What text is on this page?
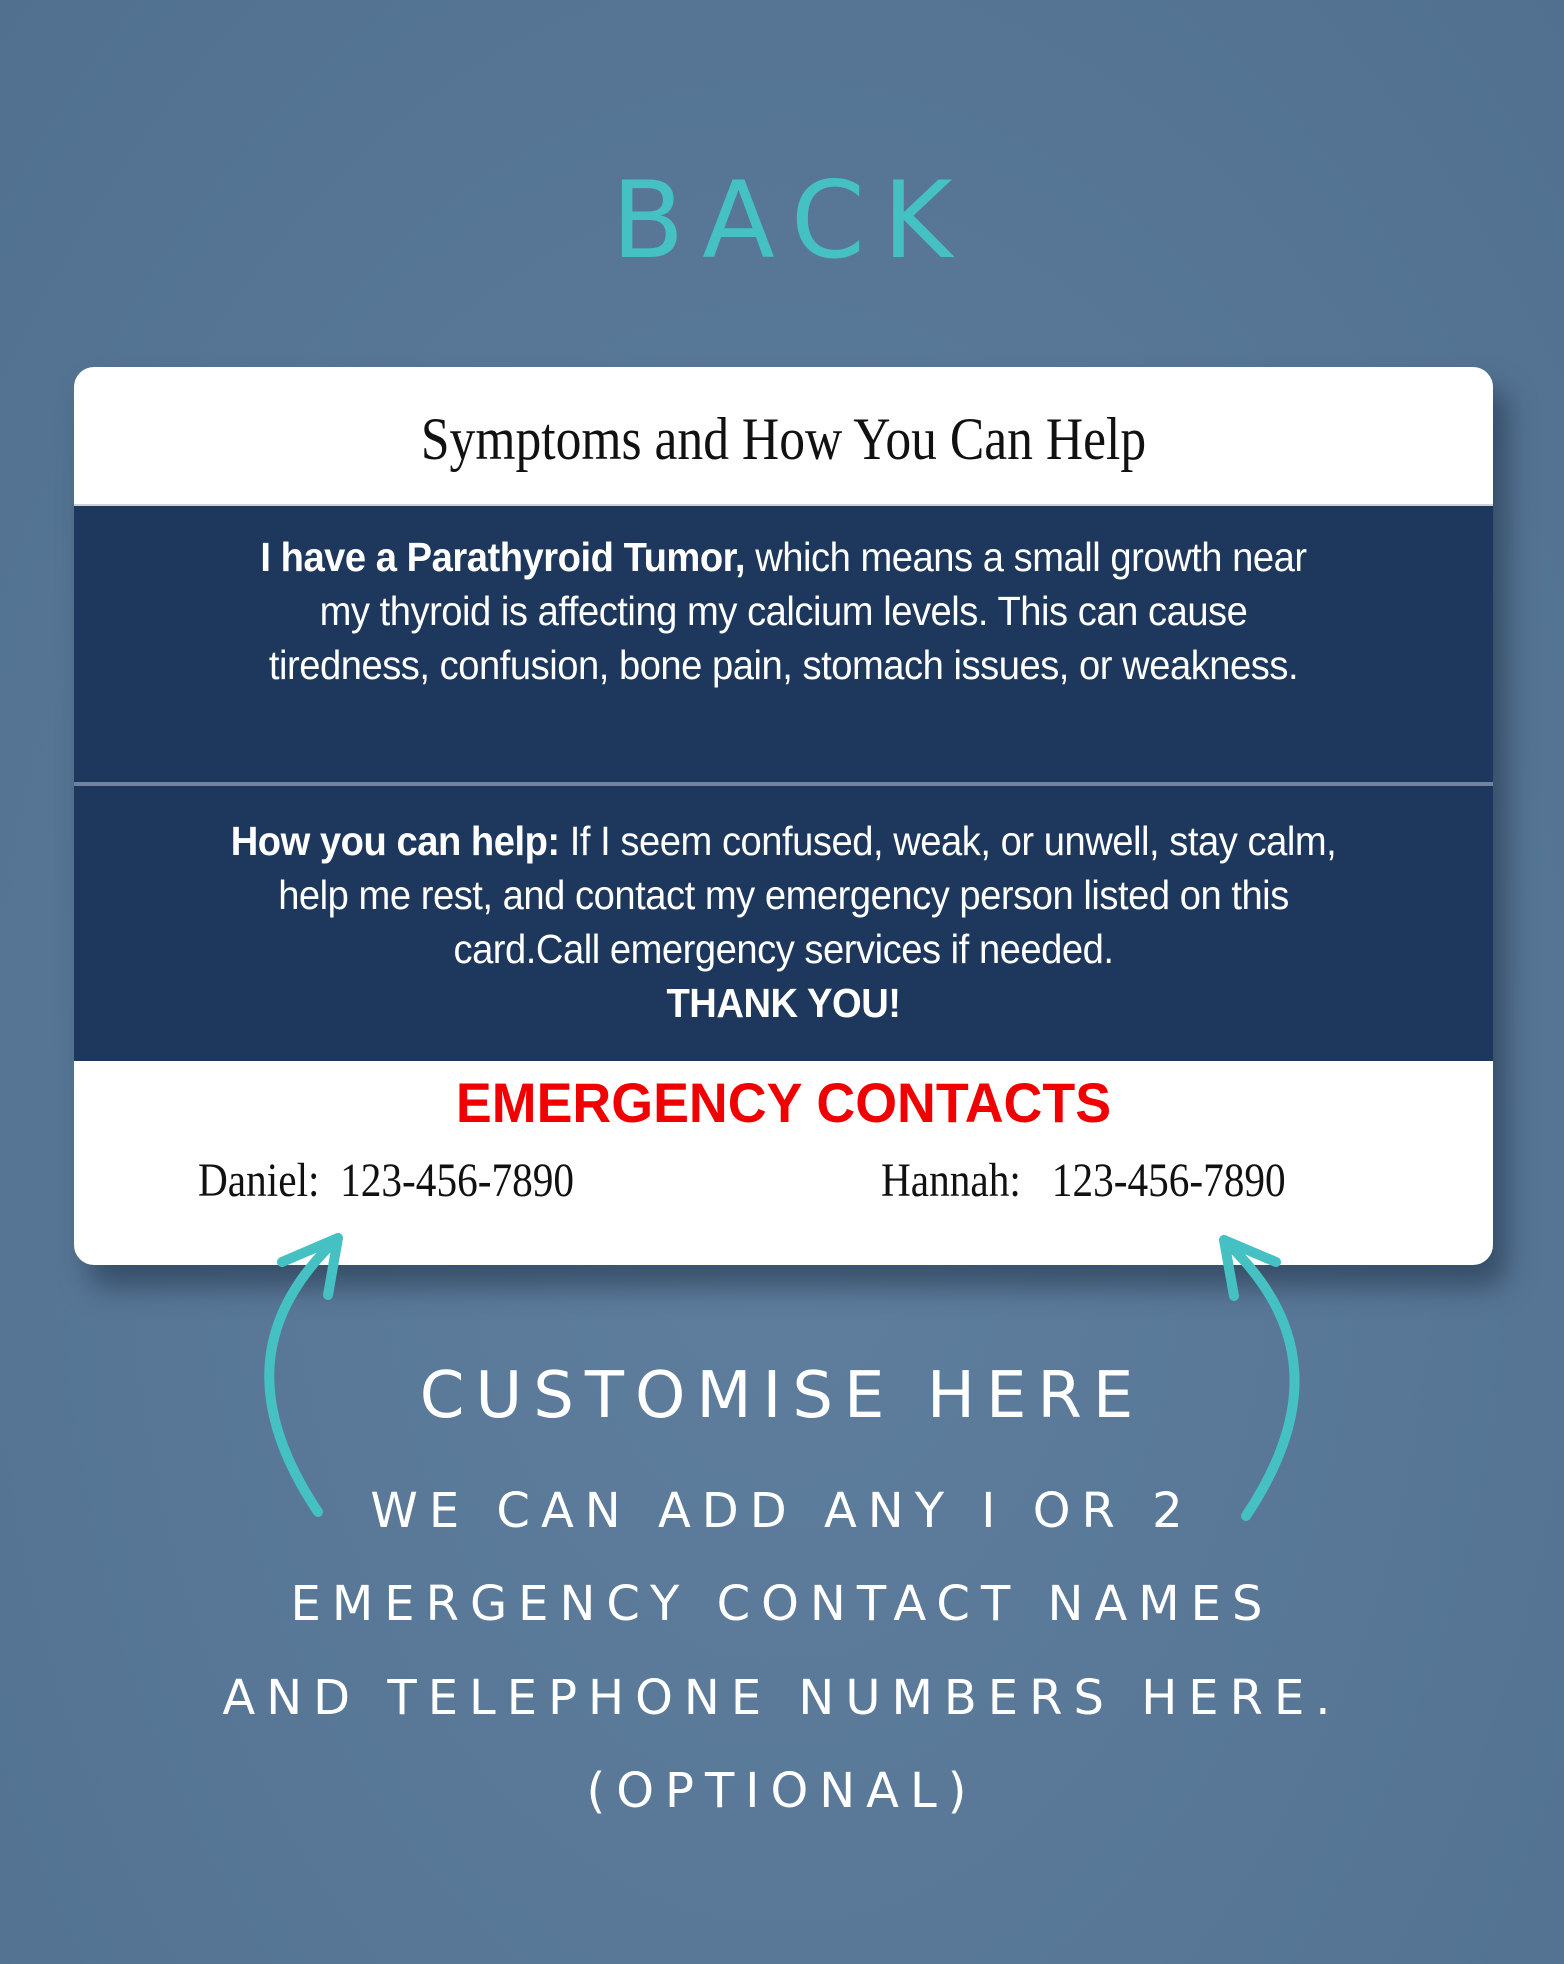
BACK
Symptoms and How You Can Help
I have a Parathyroid Tumor, which means a small growth near my thyroid is affecting my calcium levels. This can cause tiredness, confusion, bone pain, stomach issues, or weakness.
How you can help: If I seem confused, weak, or unwell, stay calm, help me rest, and contact my emergency person listed on this card.Call emergency services if needed.
THANK YOU!
EMERGENCY CONTACTS
Daniel:  123-456-7890	Hannah:   123-456-7890
CUSTOMISE HERE
WE CAN ADD ANY I OR 2
EMERGENCY CONTACT NAMES
AND TELEPHONE NUMBERS HERE.
(OPTIONAL)
